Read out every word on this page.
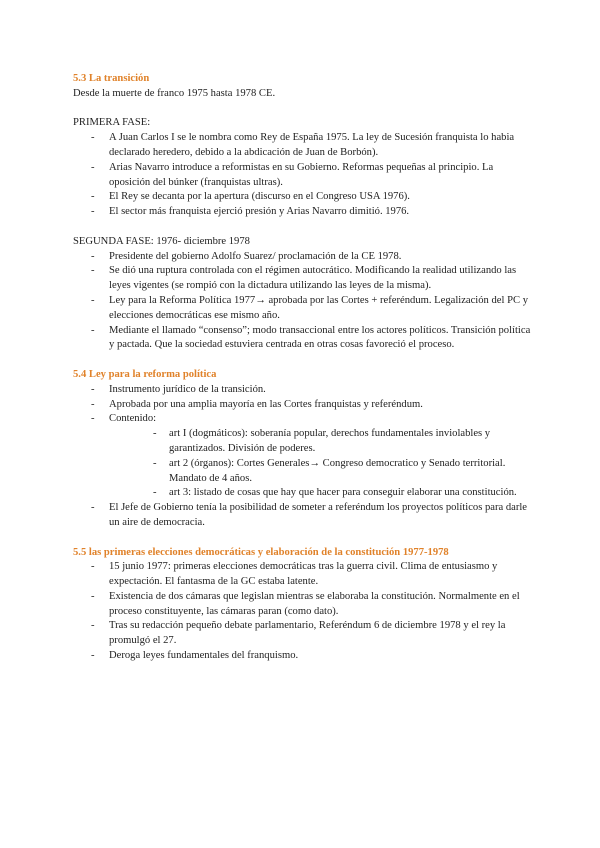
5.3 La transición
Desde la muerte de franco 1975 hasta 1978 CE.
PRIMERA FASE:
- A Juan Carlos I se le nombra como Rey de España 1975. La ley de Sucesión franquista lo habia declarado heredero, debido a la abdicación de Juan de Borbón).
- Arias Navarro introduce a reformistas en su Gobierno. Reformas pequeñas al principio. La oposición del búnker (franquistas ultras).
- El Rey se decanta por la apertura (discurso en el Congreso USA 1976).
- El sector más franquista ejerció presión y Arias Navarro dimitió. 1976.
SEGUNDA FASE: 1976- diciembre 1978
- Presidente del gobierno Adolfo Suarez/ proclamación de la CE 1978.
- Se dió una ruptura controlada con el régimen autocrático. Modificando la realidad utilizando las leyes vigentes (se rompió con la dictadura utilizando las leyes de la misma).
- Ley para la Reforma Política 1977→ aprobada por las Cortes + referéndum. Legalización del PC y elecciones democráticas ese mismo año.
- Mediante el llamado “consenso”; modo transaccional entre los actores políticos. Transición política y pactada. Que la sociedad estuviera centrada en otras cosas favoreció el proceso.
5.4 Ley para la reforma política
- Instrumento jurídico de la transición.
- Aprobada por una amplia mayoría en las Cortes franquistas y referéndum.
- Contenido:
- art I (dogmáticos): soberanía popular, derechos fundamentales inviolables y garantizados. División de poderes.
- art 2 (órganos): Cortes Generales→ Congreso democratico y Senado territorial. Mandato de 4 años.
- art 3: listado de cosas que hay que hacer para conseguir elaborar una constitución.
- El Jefe de Gobierno tenía la posibilidad de someter a referéndum los proyectos políticos para darle un aire de democracia.
5.5 las primeras elecciones democráticas y elaboración de la constitución 1977-1978
- 15 junio 1977: primeras elecciones democráticas tras la guerra civil. Clima de entusiasmo y expectación. El fantasma de la GC estaba latente.
- Existencia de dos cámaras que legislan mientras se elaboraba la constitución. Normalmente en el proceso constituyente, las cámaras paran (como dato).
- Tras su redacción pequeño debate parlamentario, Referéndum 6 de diciembre 1978 y el rey la promulgó el 27.
- Deroga leyes fundamentales del franquismo.
